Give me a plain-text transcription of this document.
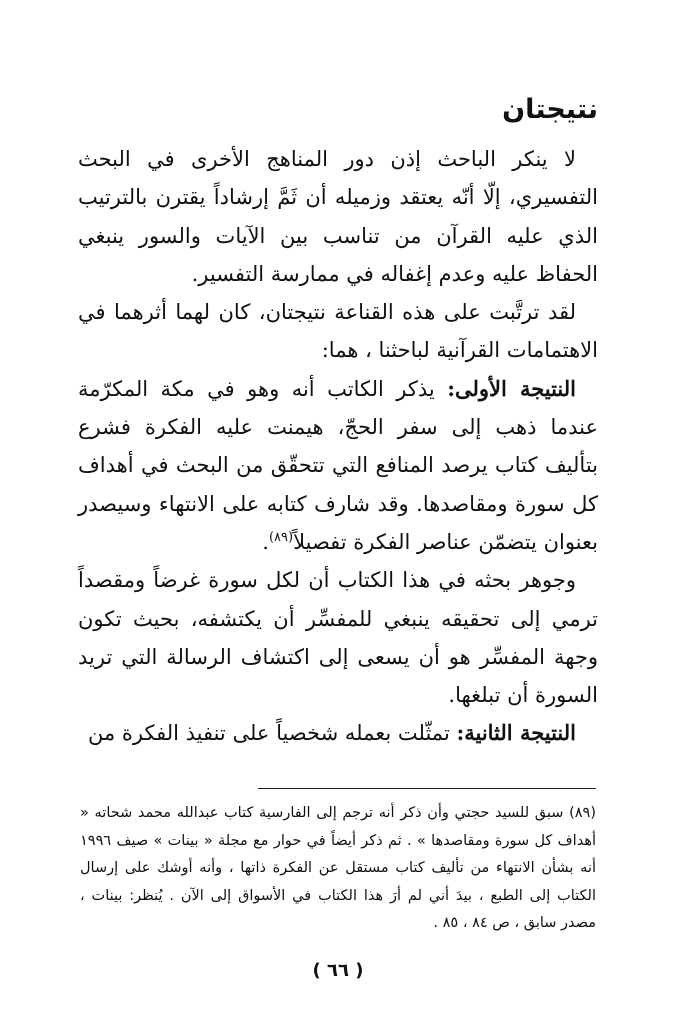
نتيجتان

لا ينكر الباحث إذن دور المناهج الأخرى في البحث التفسيري، إلّا أنّه يعتقد وزميله أن ثَمَّ إرشاداً يقترن بالترتيب الذي عليه القرآن من تناسب بين الآيات والسور ينبغي الحفاظ عليه وعدم إغفاله في ممارسة التفسير.

لقد ترتَّبت على هذه القناعة نتيجتان، كان لهما أثرهما في الاهتمامات القرآنية لباحثنا ، هما:

النتيجة الأولى: يذكر الكاتب أنه وهو في مكة المكرّمة عندما ذهب إلى سفر الحجّ، هيمنت عليه الفكرة فشرع بتأليف كتاب يرصد المنافع التي تتحقّق من البحث في أهداف كل سورة ومقاصدها. وقد شارف كتابه على الانتهاء وسيصدر بعنوان يتضمّن عناصر الفكرة تفصيلاً$^{(٨٩)}$.

وجوهر بحثه في هذا الكتاب أن لكل سورة غرضاً ومقصداً ترمي إلى تحقيقه ينبغي للمفسِّر أن يكتشفه، بحيث تكون وجهة المفسِّر هو أن يسعى إلى اكتشاف الرسالة التي تريد السورة أن تبلغها.

النتيجة الثانية: تمثّلت بعمله شخصياً على تنفيذ الفكرة من

(٨٩) سبق للسيد حجتي وأن ذكر أنه ترجم إلى الفارسية كتاب عبدالله محمد شحاته « أهداف كل سورة ومقاصدها » . ثم ذكر أيضاً في حوار مع مجلة « بينات » صيف ١٩٩٦ أنه بشأن الانتهاء من تأليف كتاب مستقل عن الفكرة ذاتها ، وأنه أوشك على إرسال الكتاب إلى الطبع ، بيدَ أني لم أرَ هذا الكتاب في الأسواق إلى الآن . يُنظر: بينات ، مصدر سابق ، ص ٨٤ ، ٨٥ .

( ٦٦ )
